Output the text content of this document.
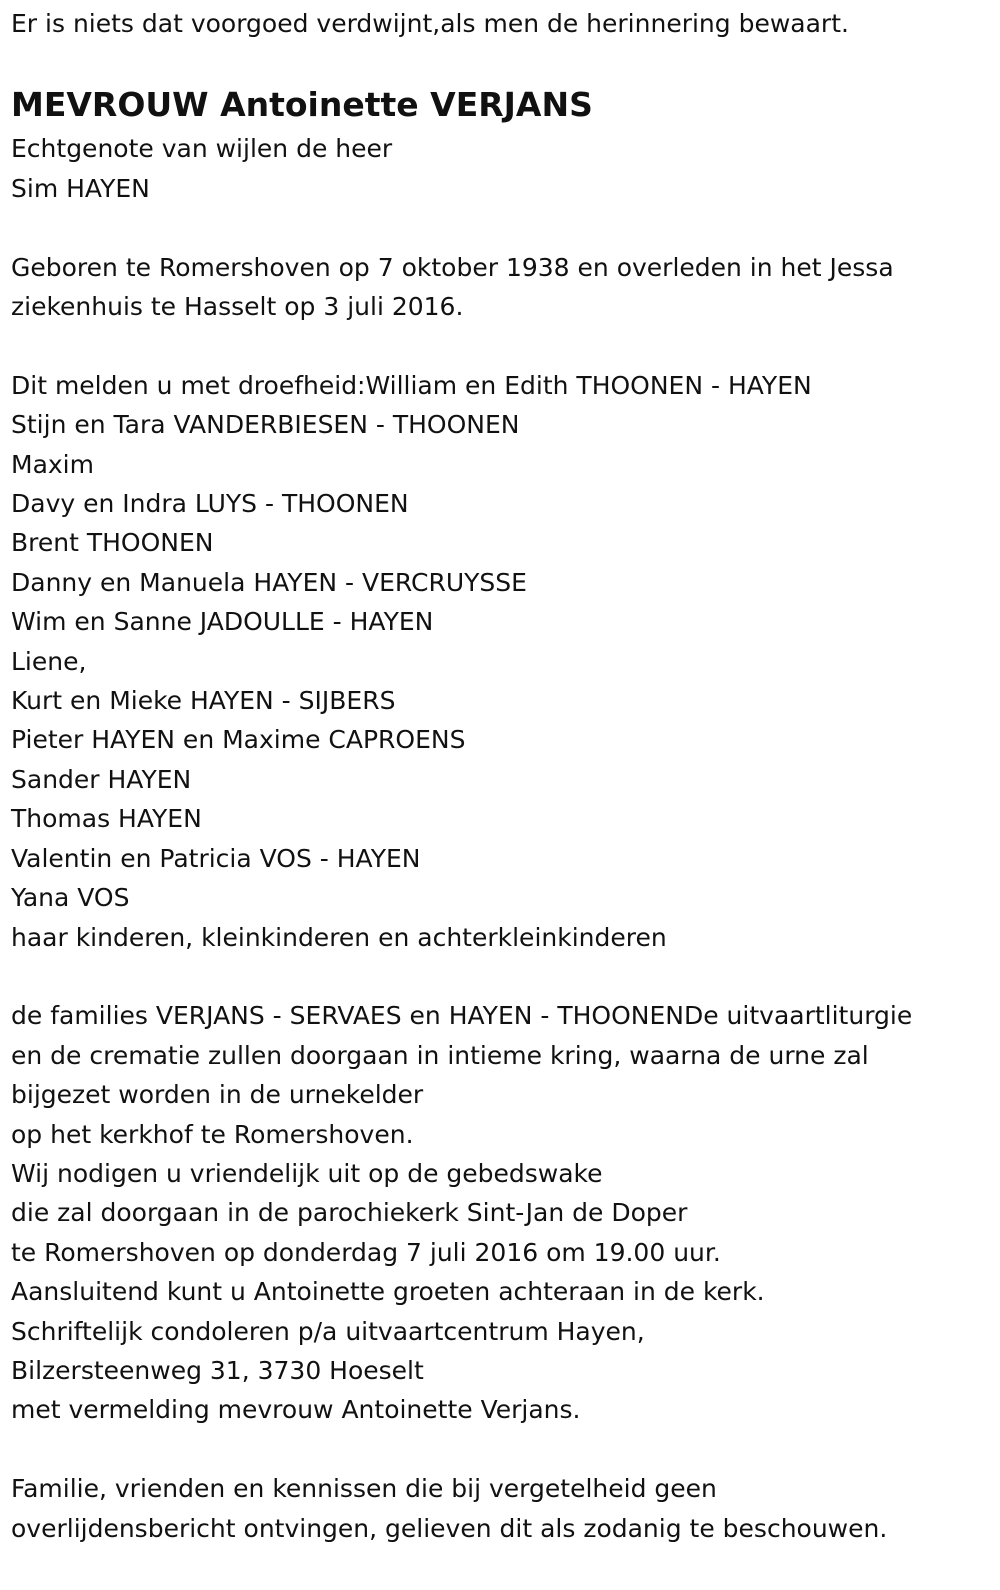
Er is niets dat voorgoed verdwijnt,als men de herinnering bewaart.

MEVROUW Antoinette VERJANS

Echtgenote van wijlen de heer

Sim HAYEN

Geboren te Romershoven op 7 oktober 1938 en overleden in het Jessa

ziekenhuis te Hasselt op 3 juli 2016.

Dit melden u met droefheid:William en Edith THOONEN - HAYEN

Stijn en Tara VANDERBIESEN - THOONEN

Maxim

Davy en Indra LUYS - THOONEN

Brent THOONEN

Danny en Manuela HAYEN - VERCRUYSSE

Wim en Sanne JADOULLE - HAYEN

Liene,

Kurt en Mieke HAYEN - SIJBERS

Pieter HAYEN en Maxime CAPROENS

Sander HAYEN

Thomas HAYEN

Valentin en Patricia VOS - HAYEN

Yana VOS

haar kinderen, kleinkinderen en achterkleinkinderen

de families VERJANS - SERVAES en HAYEN - THOONENDe uitvaartliturgie

en de crematie zullen doorgaan in intieme kring, waarna de urne zal

bijgezet worden in de urnekelder

op het kerkhof te Romershoven.

Wij nodigen u vriendelijk uit op de gebedswake

die zal doorgaan in de parochiekerk Sint-Jan de Doper

te Romershoven op donderdag 7 juli 2016 om 19.00 uur.

Aansluitend kunt u Antoinette groeten achteraan in de kerk.

Schriftelijk condoleren p/a uitvaartcentrum Hayen,

Bilzersteenweg 31, 3730 Hoeselt

met vermelding mevrouw Antoinette Verjans.

Familie, vrienden en kennissen die bij vergetelheid geen

overlijdensbericht ontvingen, gelieven dit als zodanig te beschouwen.
